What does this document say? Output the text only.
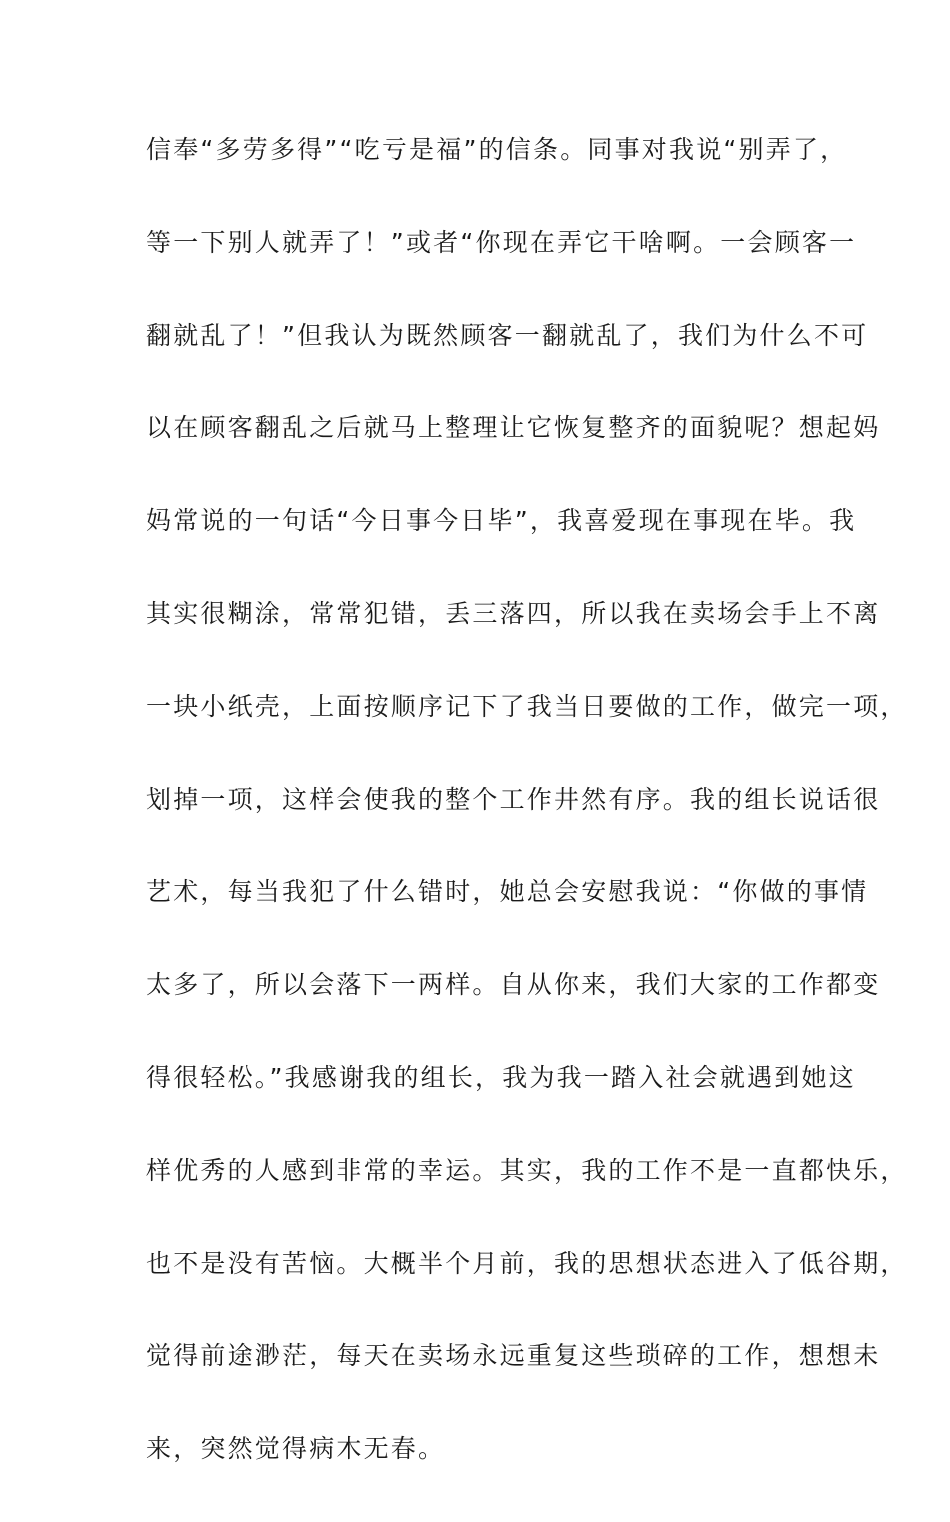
信奉“多劳多得”“吃亏是福”的信条。同事对我说“别弄了，
等一下别人就弄了！”或者“你现在弄它干啥啊。一会顾客一
翻就乱了！”但我认为既然顾客一翻就乱了，我们为什么不可
以在顾客翻乱之后就马上整理让它恢复整齐的面貌呢？想起妈
妈常说的一句话“今日事今日毕”，我喜爱现在事现在毕。我
其实很糊涂，常常犯错，丢三落四，所以我在卖场会手上不离
一块小纸壳，上面按顺序记下了我当日要做的工作，做完一项，
划掉一项，这样会使我的整个工作井然有序。我的组长说话很
艺术，每当我犯了什么错时，她总会安慰我说：“你做的事情
太多了，所以会落下一两样。自从你来，我们大家的工作都变
得很轻松。”我感谢我的组长，我为我一踏入社会就遇到她这
样优秀的人感到非常的幸运。其实，我的工作不是一直都快乐，
也不是没有苦恼。大概半个月前，我的思想状态进入了低谷期，
觉得前途渺茫，每天在卖场永远重复这些琐碎的工作，想想未
来，突然觉得病木无春。
